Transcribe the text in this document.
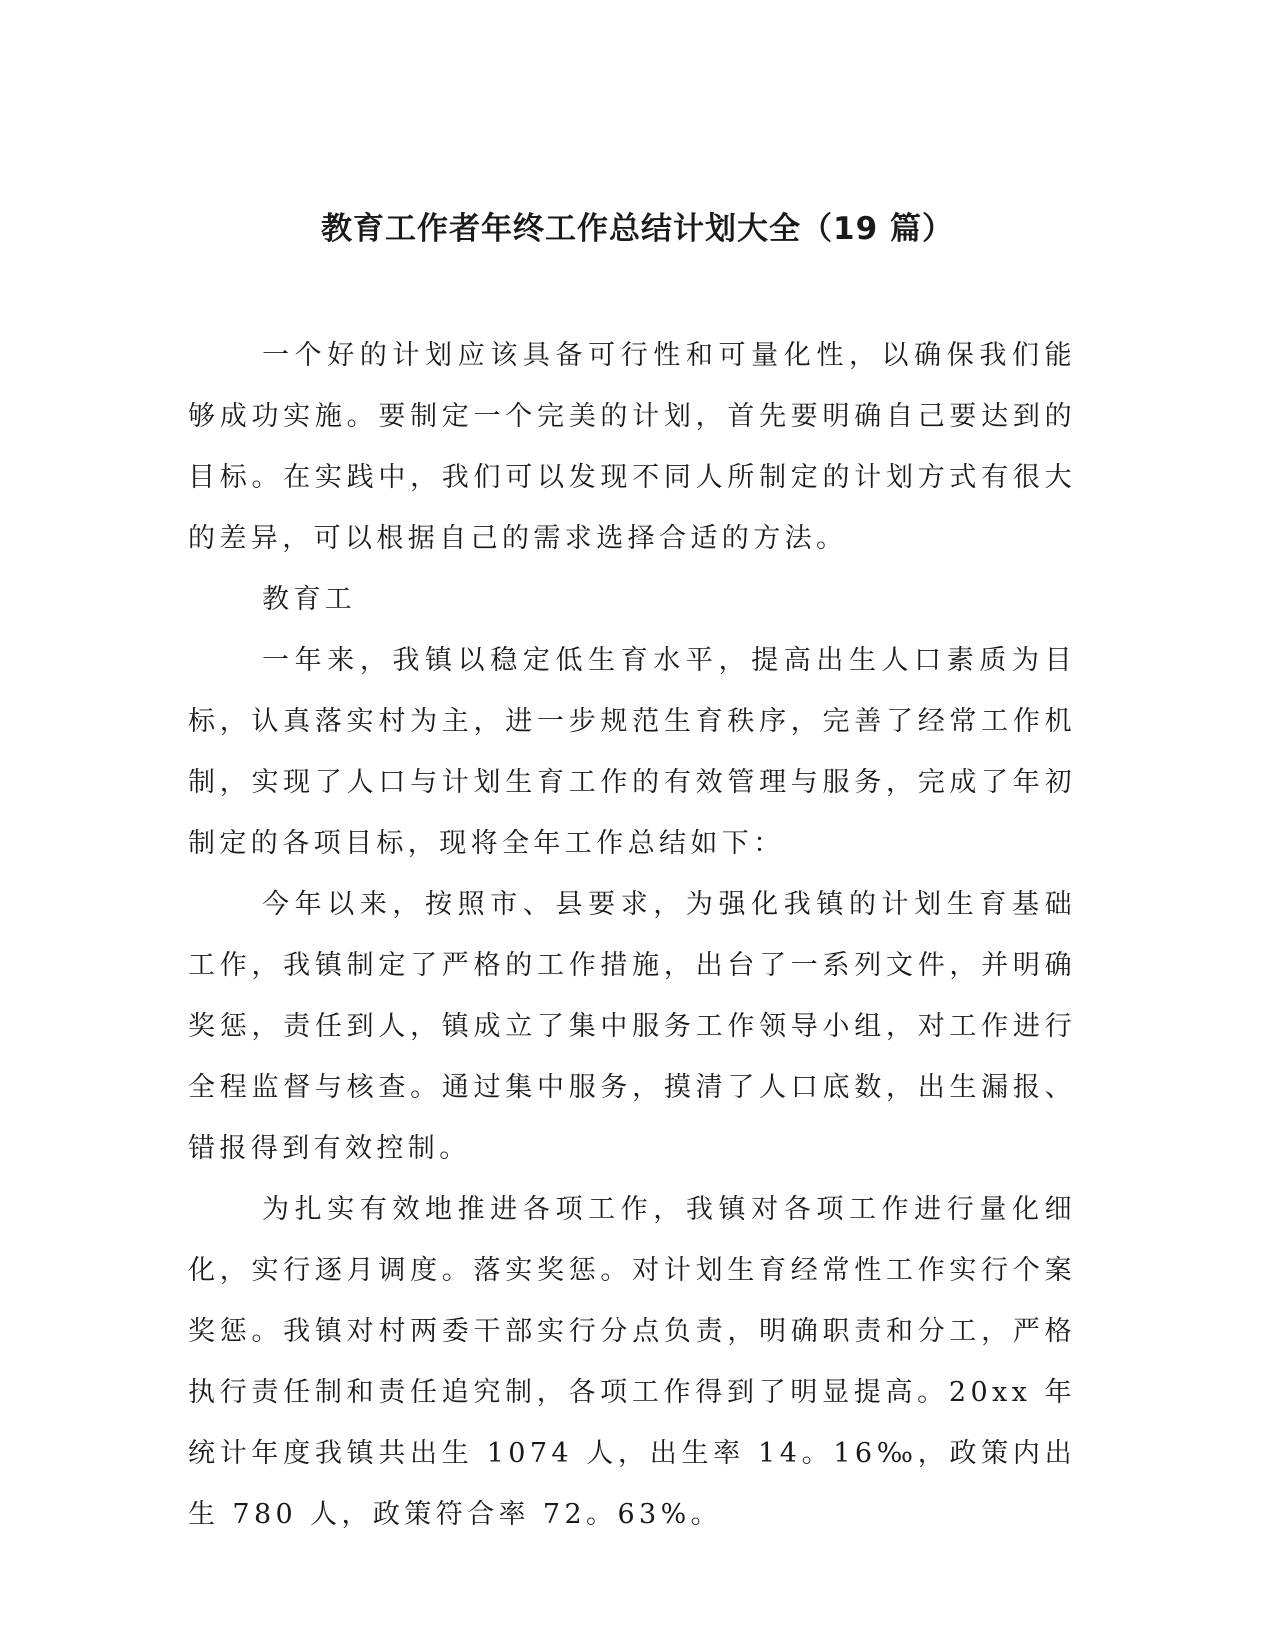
教育工作者年终工作总结计划大全（19 篇）

一个好的计划应该具备可行性和可量化性，以确保我们能够成功实施。要制定一个完美的计划，首先要明确自己要达到的目标。在实践中，我们可以发现不同人所制定的计划方式有很大的差异，可以根据自己的需求选择合适的方法。

教育工

一年来，我镇以稳定低生育水平，提高出生人口素质为目标，认真落实村为主，进一步规范生育秩序，完善了经常工作机制，实现了人口与计划生育工作的有效管理与服务，完成了年初制定的各项目标，现将全年工作总结如下：

今年以来，按照市、县要求，为强化我镇的计划生育基础工作，我镇制定了严格的工作措施，出台了一系列文件，并明确奖惩，责任到人，镇成立了集中服务工作领导小组，对工作进行全程监督与核查。通过集中服务，摸清了人口底数，出生漏报、错报得到有效控制。

为扎实有效地推进各项工作，我镇对各项工作进行量化细化，实行逐月调度。落实奖惩。对计划生育经常性工作实行个案奖惩。我镇对村两委干部实行分点负责，明确职责和分工，严格执行责任制和责任追究制，各项工作得到了明显提高。20xx 年统计年度我镇共出生 1074 人，出生率 14。16‰，政策内出生 780 人，政策符合率 72。63%。
